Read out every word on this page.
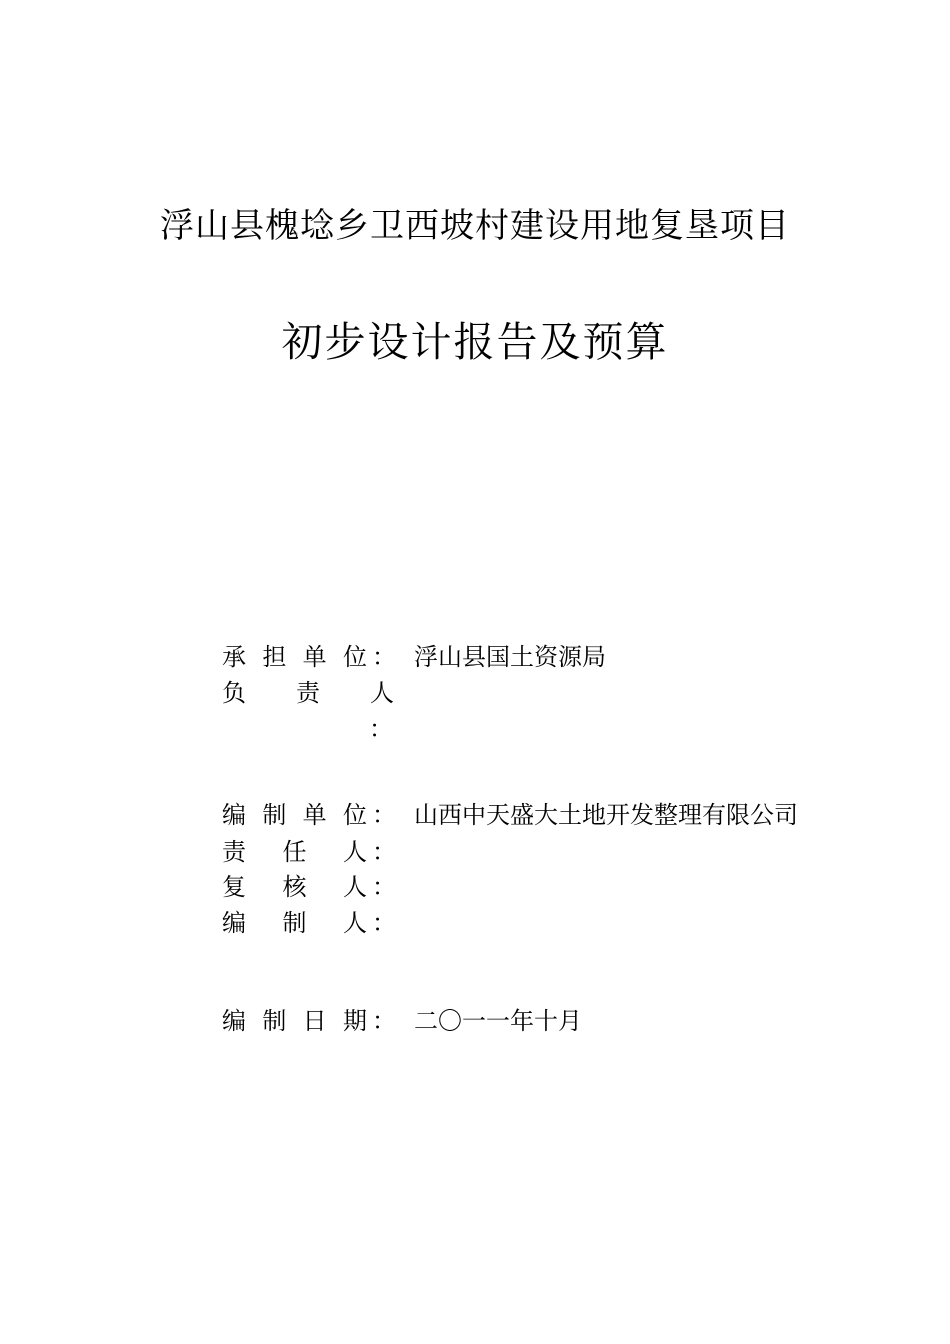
浮山县槐埝乡卫西坡村建设用地复垦项目
初步设计报告及预算
承担单位 ： 浮山县国土资源局
负责人
：
编制单位 ： 山西中天盛大土地开发整理有限公司
责任人 ：
复核人 ：
编制人 ：
编制日期 ： 二〇一一年十月
